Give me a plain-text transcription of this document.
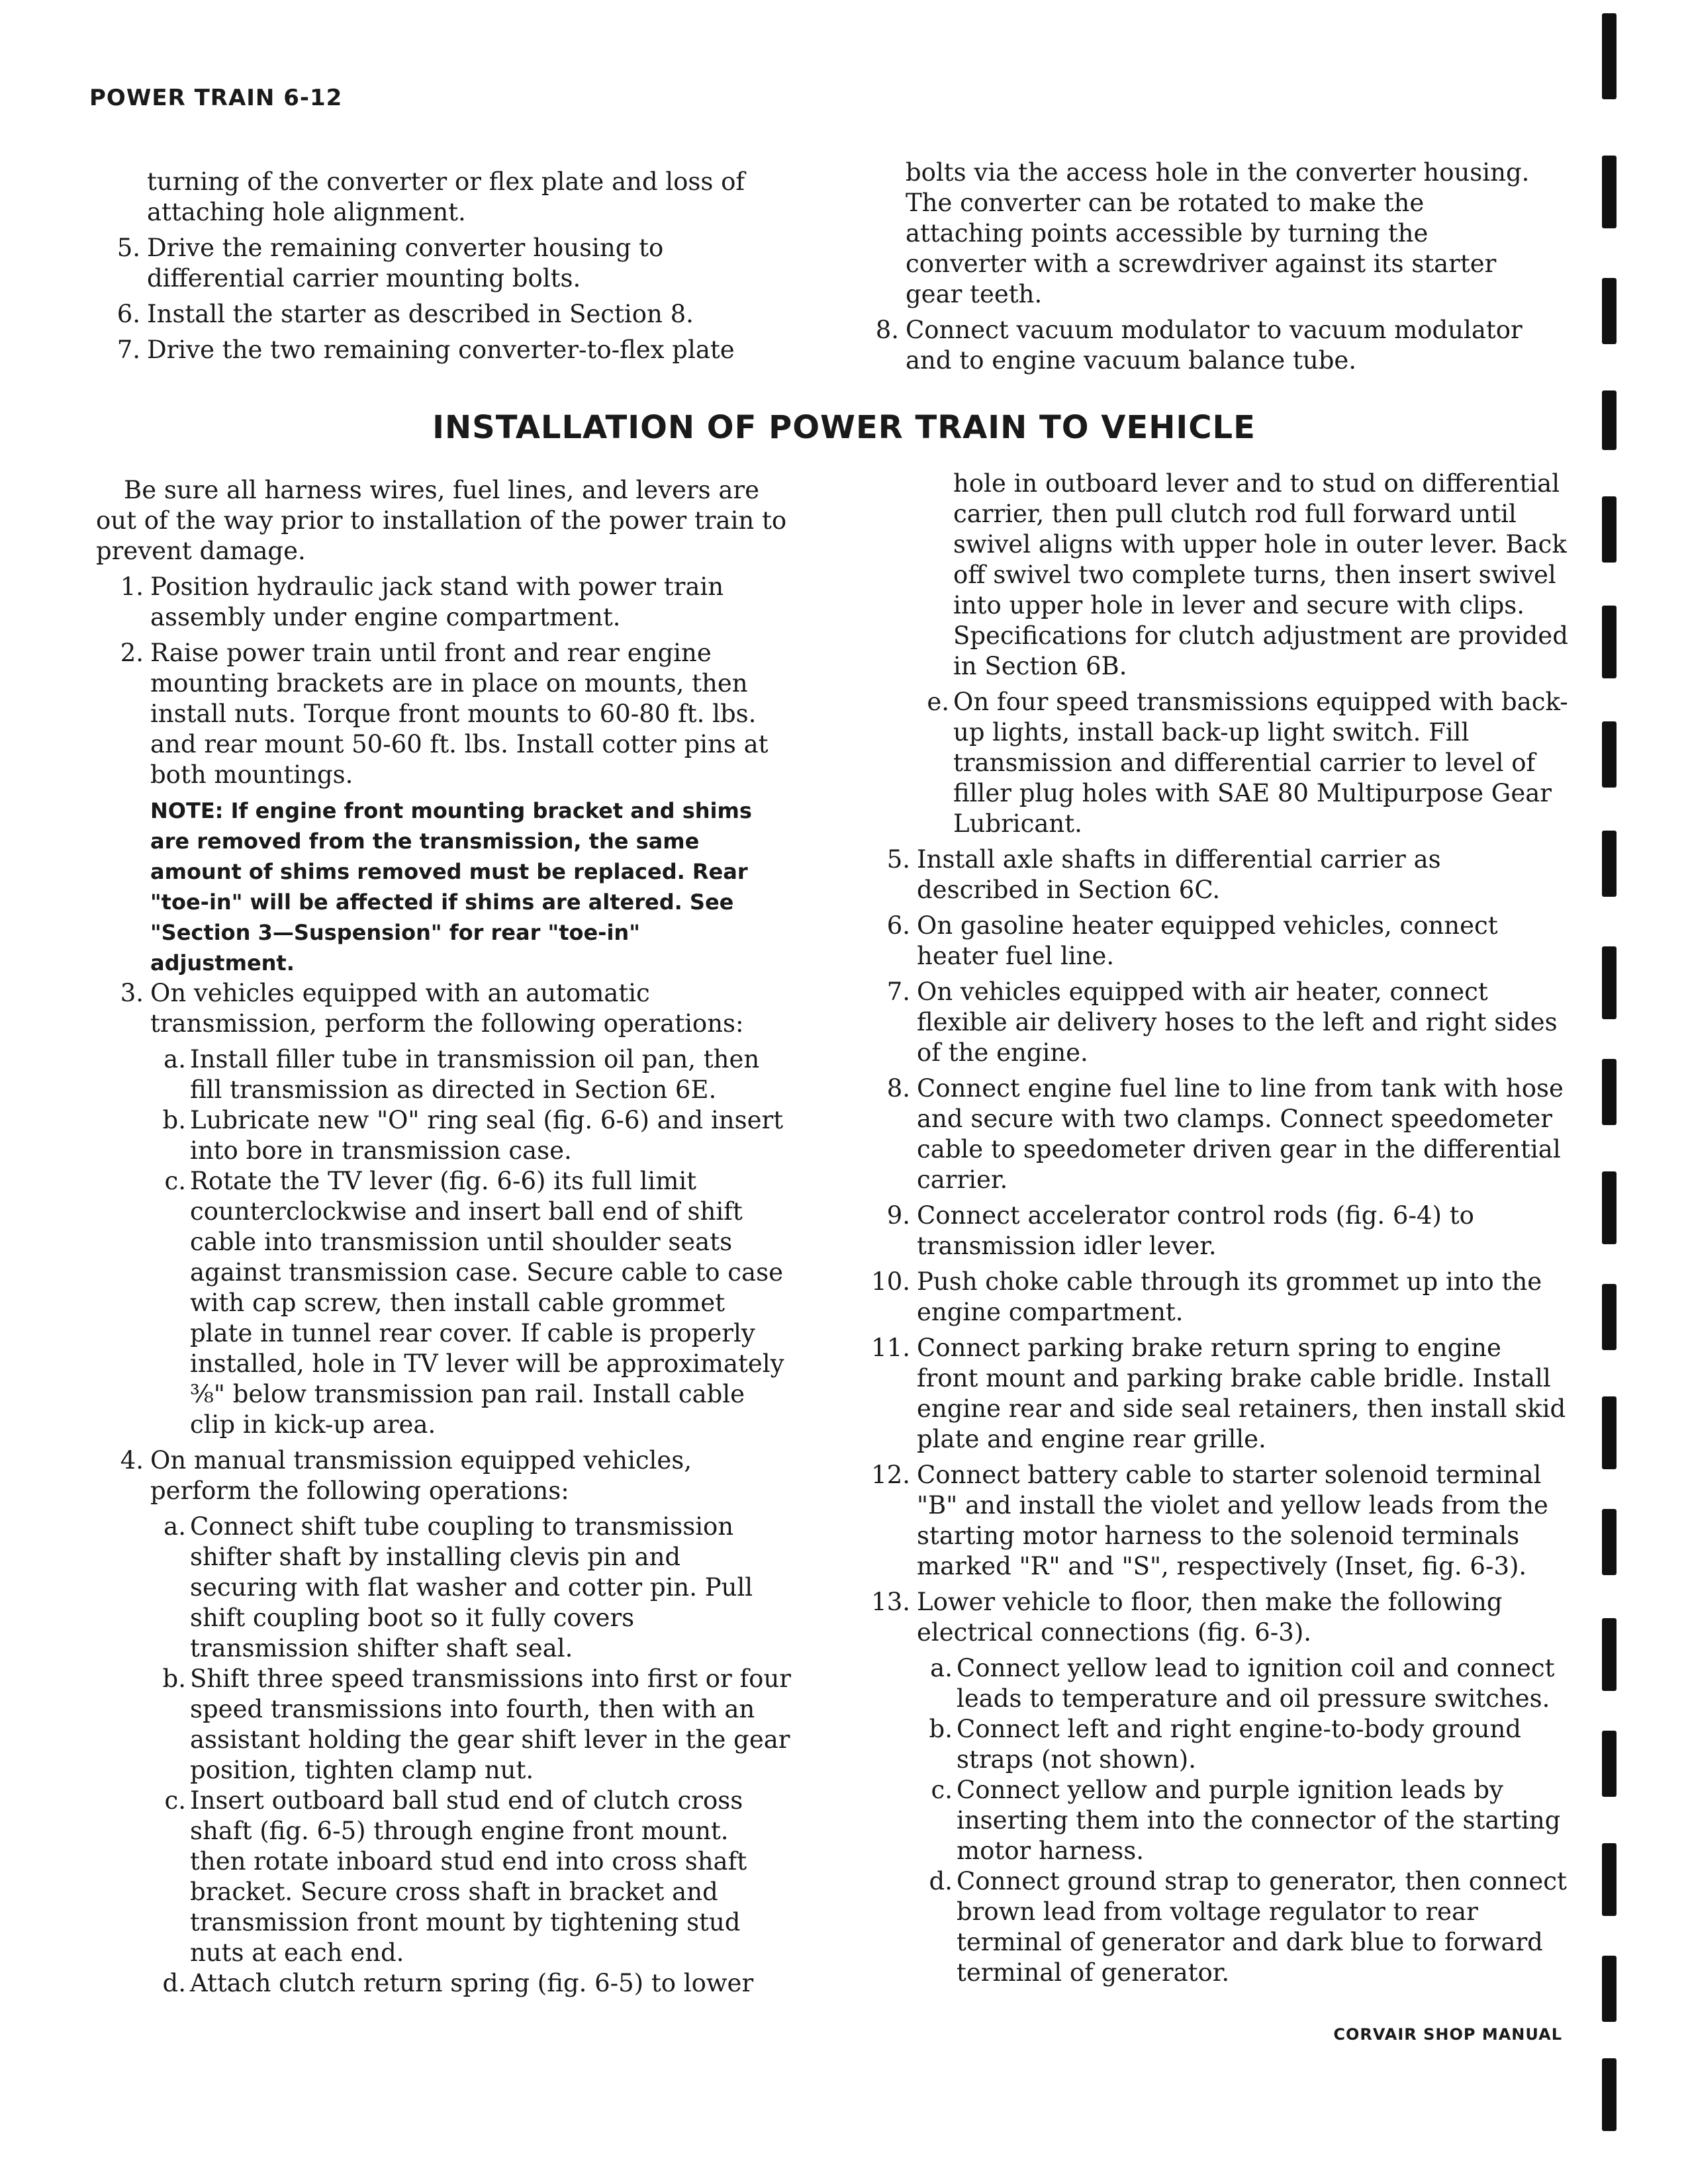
POWER TRAIN 6-12

turning of the converter or flex plate and loss of attaching hole alignment.

5. Drive the remaining converter housing to differential carrier mounting bolts.

6. Install the starter as described in Section 8.

7. Drive the two remaining converter-to-flex plate

bolts via the access hole in the converter housing. The converter can be rotated to make the attaching points accessible by turning the converter with a screwdriver against its starter gear teeth.

8. Connect vacuum modulator to vacuum modulator and to engine vacuum balance tube.

INSTALLATION OF POWER TRAIN TO VEHICLE

Be sure all harness wires, fuel lines, and levers are out of the way prior to installation of the power train to prevent damage.

1. Position hydraulic jack stand with power train assembly under engine compartment.

2. Raise power train until front and rear engine mounting brackets are in place on mounts, then install nuts. Torque front mounts to 60-80 ft. lbs. and rear mount 50-60 ft. lbs. Install cotter pins at both mountings.

NOTE: If engine front mounting bracket and shims are removed from the transmission, the same amount of shims removed must be replaced. Rear "toe-in" will be affected if shims are altered. See "Section 3—Suspension" for rear "toe-in" adjustment.

3. On vehicles equipped with an automatic transmission, perform the following operations:

a. Install filler tube in transmission oil pan, then fill transmission as directed in Section 6E.

b. Lubricate new "O" ring seal (fig. 6-6) and insert into bore in transmission case.

c. Rotate the TV lever (fig. 6-6) its full limit counterclockwise and insert ball end of shift cable into transmission until shoulder seats against transmission case. Secure cable to case with cap screw, then install cable grommet plate in tunnel rear cover. If cable is properly installed, hole in TV lever will be approximately ⅜" below transmission pan rail. Install cable clip in kick-up area.

4. On manual transmission equipped vehicles, perform the following operations:

a. Connect shift tube coupling to transmission shifter shaft by installing clevis pin and securing with flat washer and cotter pin. Pull shift coupling boot so it fully covers transmission shifter shaft seal.

b. Shift three speed transmissions into first or four speed transmissions into fourth, then with an assistant holding the gear shift lever in the gear position, tighten clamp nut.

c. Insert outboard ball stud end of clutch cross shaft (fig. 6-5) through engine front mount. then rotate inboard stud end into cross shaft bracket. Secure cross shaft in bracket and transmission front mount by tightening stud nuts at each end.

d. Attach clutch return spring (fig. 6-5) to lower

hole in outboard lever and to stud on differential carrier, then pull clutch rod full forward until swivel aligns with upper hole in outer lever. Back off swivel two complete turns, then insert swivel into upper hole in lever and secure with clips. Specifications for clutch adjustment are provided in Section 6B.

e. On four speed transmissions equipped with back-up lights, install back-up light switch. Fill transmission and differential carrier to level of filler plug holes with SAE 80 Multipurpose Gear Lubricant.

5. Install axle shafts in differential carrier as described in Section 6C.

6. On gasoline heater equipped vehicles, connect heater fuel line.

7. On vehicles equipped with air heater, connect flexible air delivery hoses to the left and right sides of the engine.

8. Connect engine fuel line to line from tank with hose and secure with two clamps. Connect speedometer cable to speedometer driven gear in the differential carrier.

9. Connect accelerator control rods (fig. 6-4) to transmission idler lever.

10. Push choke cable through its grommet up into the engine compartment.

11. Connect parking brake return spring to engine front mount and parking brake cable bridle. Install engine rear and side seal retainers, then install skid plate and engine rear grille.

12. Connect battery cable to starter solenoid terminal "B" and install the violet and yellow leads from the starting motor harness to the solenoid terminals marked "R" and "S", respectively (Inset, fig. 6-3).

13. Lower vehicle to floor, then make the following electrical connections (fig. 6-3).

a. Connect yellow lead to ignition coil and connect leads to temperature and oil pressure switches.

b. Connect left and right engine-to-body ground straps (not shown).

c. Connect yellow and purple ignition leads by inserting them into the connector of the starting motor harness.

d. Connect ground strap to generator, then connect brown lead from voltage regulator to rear terminal of generator and dark blue to forward terminal of generator.

CORVAIR SHOP MANUAL
